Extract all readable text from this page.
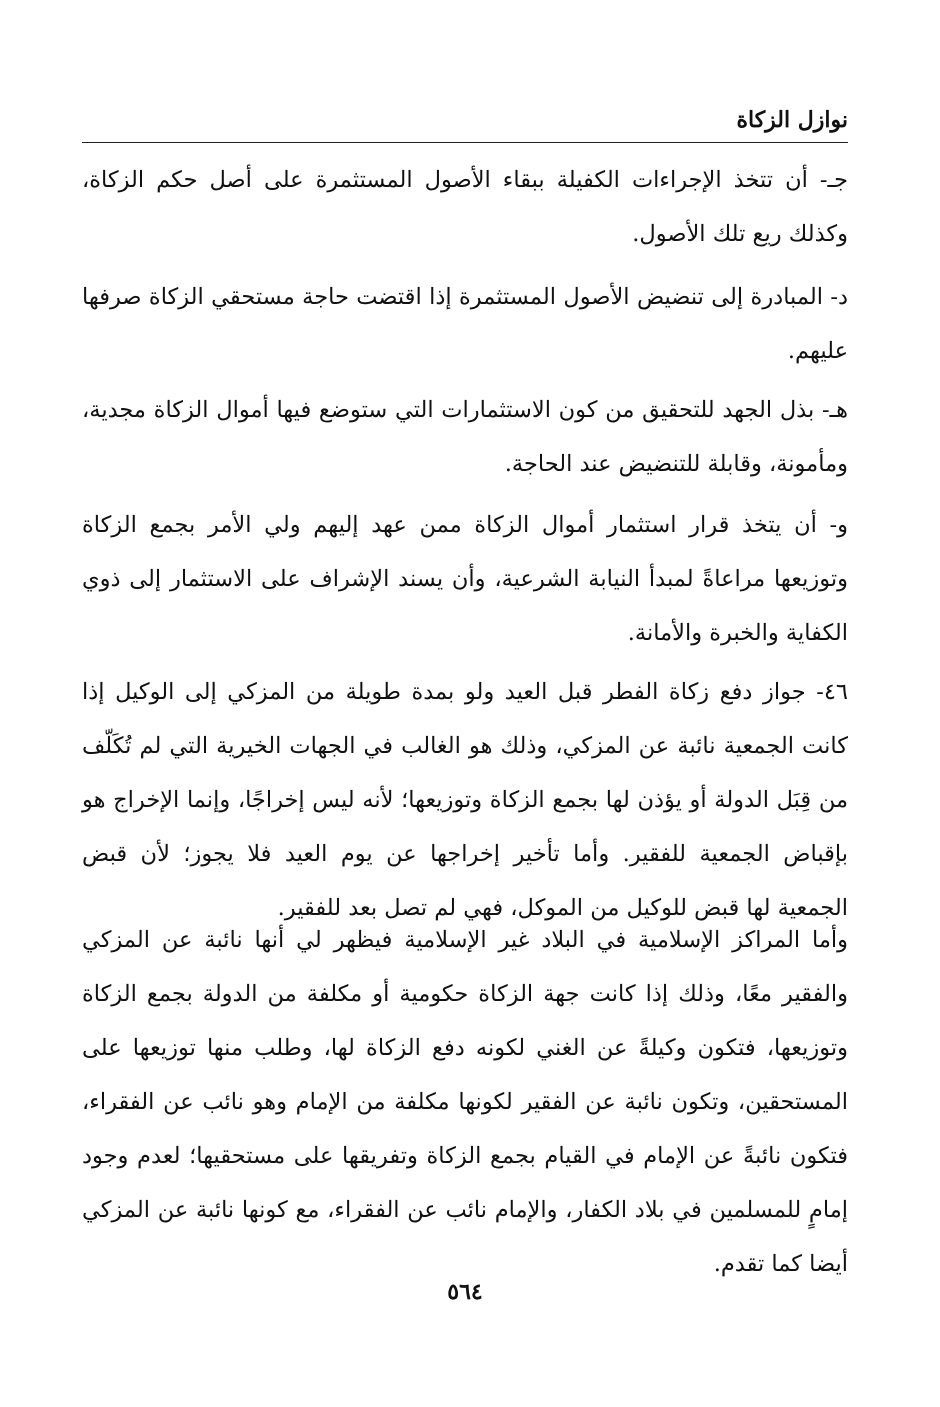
نوازل الزكاة

جـ- أن تتخذ الإجراءات الكفيلة ببقاء الأصول المستثمرة على أصل حكم الزكاة، وكذلك ريع تلك الأصول.

د- المبادرة إلى تنضيض الأصول المستثمرة إذا اقتضت حاجة مستحقي الزكاة صرفها عليهم.

هـ- بذل الجهد للتحقيق من كون الاستثمارات التي ستوضع فيها أموال الزكاة مجدية، ومأمونة، وقابلة للتنضيض عند الحاجة.

و- أن يتخذ قرار استثمار أموال الزكاة ممن عهد إليهم ولي الأمر بجمع الزكاة وتوزيعها مراعاةً لمبدأ النيابة الشرعية، وأن يسند الإشراف على الاستثمار إلى ذوي الكفاية والخبرة والأمانة.

٤٦- جواز دفع زكاة الفطر قبل العيد ولو بمدة طويلة من المزكي إلى الوكيل إذا كانت الجمعية نائبة عن المزكي، وذلك هو الغالب في الجهات الخيرية التي لم تُكَلّف من قِبَل الدولة أو يؤذن لها بجمع الزكاة وتوزيعها؛ لأنه ليس إخراجًا، وإنما الإخراج هو بإقباض الجمعية للفقير. وأما تأخير إخراجها عن يوم العيد فلا يجوز؛ لأن قبض الجمعية لها قبض للوكيل من الموكل، فهي لم تصل بعد للفقير.

وأما المراكز الإسلامية في البلاد غير الإسلامية فيظهر لي أنها نائبة عن المزكي والفقير معًا، وذلك إذا كانت جهة الزكاة حكومية أو مكلفة من الدولة بجمع الزكاة وتوزيعها، فتكون وكيلةً عن الغني لكونه دفع الزكاة لها، وطلب منها توزيعها على المستحقين، وتكون نائبة عن الفقير لكونها مكلفة من الإمام وهو نائب عن الفقراء، فتكون نائبةً عن الإمام في القيام بجمع الزكاة وتفريقها على مستحقيها؛ لعدم وجود إمامٍ للمسلمين في بلاد الكفار، والإمام نائب عن الفقراء، مع كونها نائبة عن المزكي أيضا كما تقدم.

٥٦٤
